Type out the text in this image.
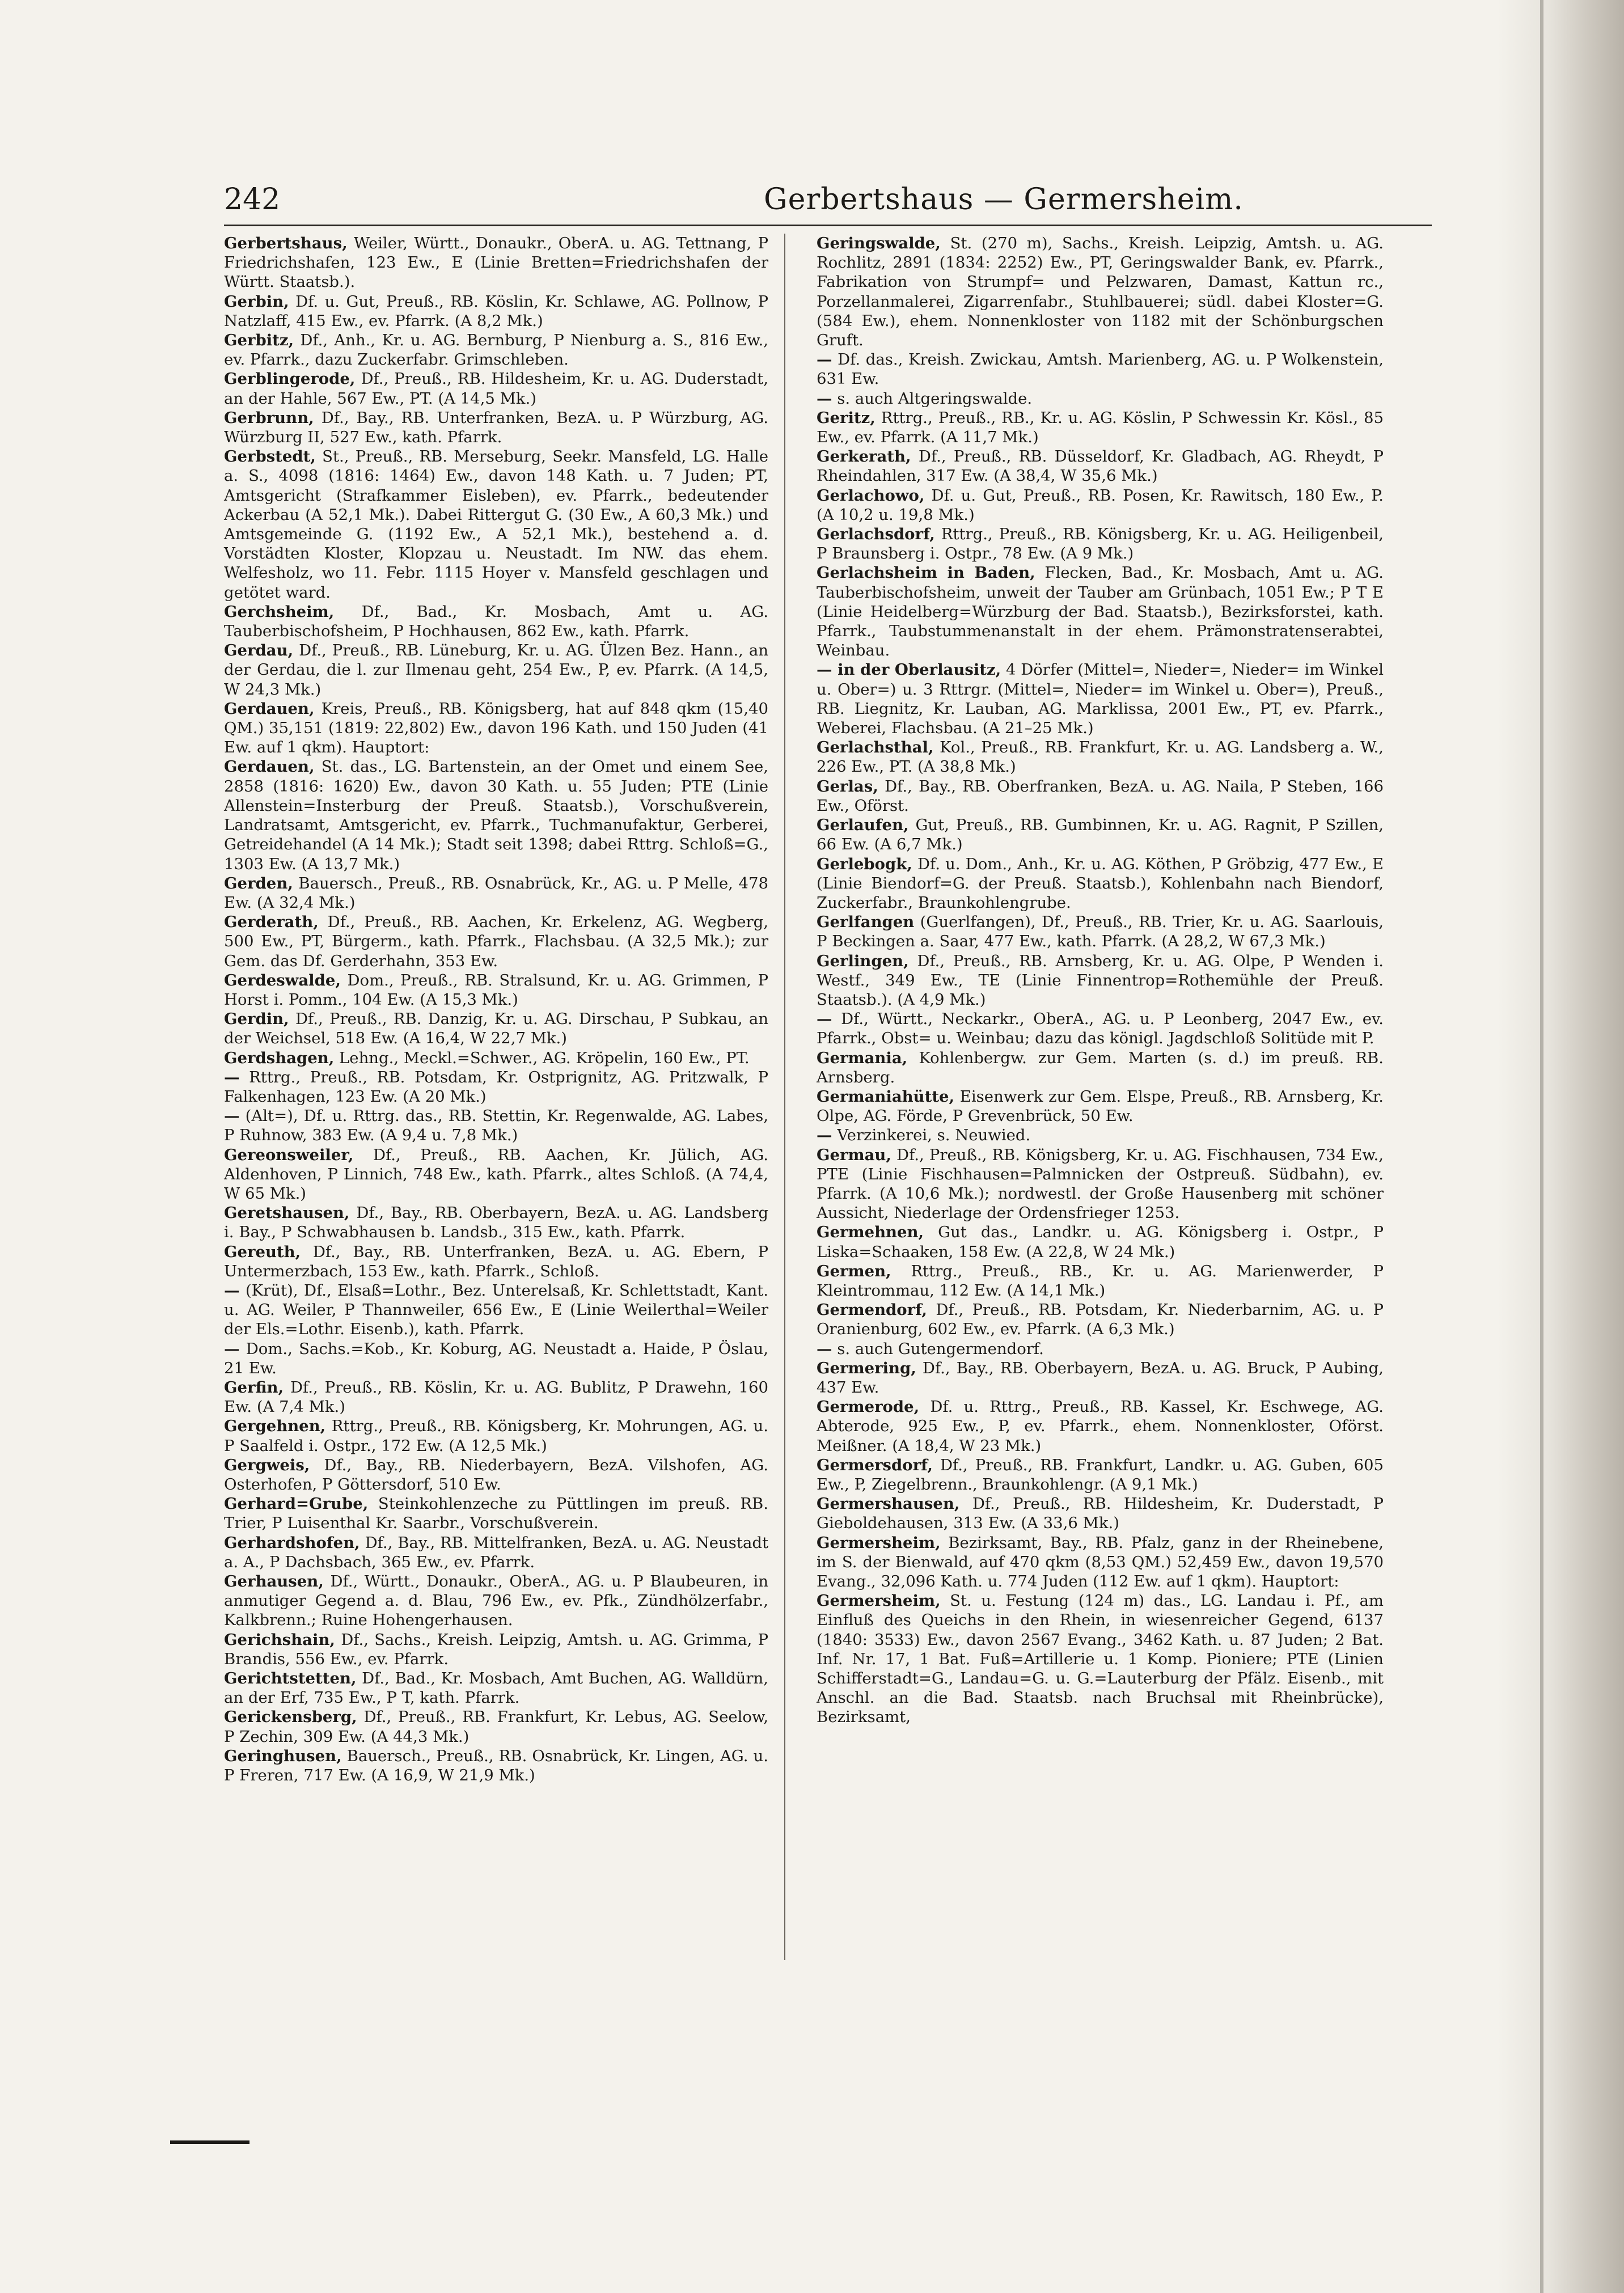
242	Gerbertshaus — Germersheim.

Gerbertshaus, Weiler, Württ., Donaukr., OberA. u. AG. Tettnang, P Friedrichshafen, 123 Ew., E (Linie Bretten=Friedrichshafen der Württ. Staatsb.).

Gerbin, Df. u. Gut, Preuß., RB. Köslin, Kr. Schlawe, AG. Pollnow, P Natzlaff, 415 Ew., ev. Pfarrk. (A 8,2 Mk.)

Gerbitz, Df., Anh., Kr. u. AG. Bernburg, P Nienburg a. S., 816 Ew., ev. Pfarrk., dazu Zuckerfabr. Grimschleben.

Gerblingerode, Df., Preuß., RB. Hildesheim, Kr. u. AG. Duderstadt, an der Hahle, 567 Ew., PT. (A 14,5 Mk.)

Gerbrunn, Df., Bay., RB. Unterfranken, BezA. u. P Würzburg, AG. Würzburg II, 527 Ew., kath. Pfarrk.

Gerbstedt, St., Preuß., RB. Merseburg, Seekr. Mansfeld, LG. Halle a. S., 4098 (1816: 1464) Ew., davon 148 Kath. u. 7 Juden; PT, Amtsgericht (Strafkammer Eisleben), ev. Pfarrk., bedeutender Ackerbau (A 52,1 Mk.). Dabei Rittergut G. (30 Ew., A 60,3 Mk.) und Amtsgemeinde G. (1192 Ew., A 52,1 Mk.), bestehend a. d. Vorstädten Kloster, Klopzau u. Neustadt. Im NW. das ehem. Welfesholz, wo 11. Febr. 1115 Hoyer v. Mansfeld geschlagen und getötet ward.

Gerchsheim, Df., Bad., Kr. Mosbach, Amt u. AG. Tauberbischofsheim, P Hochhausen, 862 Ew., kath. Pfarrk.

Gerdau, Df., Preuß., RB. Lüneburg, Kr. u. AG. Ülzen Bez. Hann., an der Gerdau, die l. zur Ilmenau geht, 254 Ew., P, ev. Pfarrk. (A 14,5, W 24,3 Mk.)

Gerdauen, Kreis, Preuß., RB. Königsberg, hat auf 848 qkm (15,40 QM.) 35,151 (1819: 22,802) Ew., davon 196 Kath. und 150 Juden (41 Ew. auf 1 qkm). Hauptort:

Gerdauen, St. das., LG. Bartenstein, an der Omet und einem See, 2858 (1816: 1620) Ew., davon 30 Kath. u. 55 Juden; PTE (Linie Allenstein=Insterburg der Preuß. Staatsb.), Vorschußverein, Landratsamt, Amtsgericht, ev. Pfarrk., Tuchmanufaktur, Gerberei, Getreidehandel (A 14 Mk.); Stadt seit 1398; dabei Rttrg. Schloß=G., 1303 Ew. (A 13,7 Mk.)

Gerden, Bauersch., Preuß., RB. Osnabrück, Kr., AG. u. P Melle, 478 Ew. (A 32,4 Mk.)

Gerderath, Df., Preuß., RB. Aachen, Kr. Erkelenz, AG. Wegberg, 500 Ew., PT, Bürgerm., kath. Pfarrk., Flachsbau. (A 32,5 Mk.); zur Gem. das Df. Gerderhahn, 353 Ew.

Gerdeswalde, Dom., Preuß., RB. Stralsund, Kr. u. AG. Grimmen, P Horst i. Pomm., 104 Ew. (A 15,3 Mk.)

Gerdin, Df., Preuß., RB. Danzig, Kr. u. AG. Dirschau, P Subkau, an der Weichsel, 518 Ew. (A 16,4, W 22,7 Mk.)

Gerdshagen, Lehng., Meckl.=Schwer., AG. Kröpelin, 160 Ew., PT.

— Rttrg., Preuß., RB. Potsdam, Kr. Ostprignitz, AG. Pritzwalk, P Falkenhagen, 123 Ew. (A 20 Mk.)

— (Alt=), Df. u. Rttrg. das., RB. Stettin, Kr. Regenwalde, AG. Labes, P Ruhnow, 383 Ew. (A 9,4 u. 7,8 Mk.)

Gereonsweiler, Df., Preuß., RB. Aachen, Kr. Jülich, AG. Aldenhoven, P Linnich, 748 Ew., kath. Pfarrk., altes Schloß. (A 74,4, W 65 Mk.)

Geretshausen, Df., Bay., RB. Oberbayern, BezA. u. AG. Landsberg i. Bay., P Schwabhausen b. Landsb., 315 Ew., kath. Pfarrk.

Gereuth, Df., Bay., RB. Unterfranken, BezA. u. AG. Ebern, P Untermerzbach, 153 Ew., kath. Pfarrk., Schloß.

— (Krüt), Df., Elsaß=Lothr., Bez. Unterelsaß, Kr. Schlettstadt, Kant. u. AG. Weiler, P Thannweiler, 656 Ew., E (Linie Weilerthal=Weiler der Els.=Lothr. Eisenb.), kath. Pfarrk.

— Dom., Sachs.=Kob., Kr. Koburg, AG. Neustadt a. Haide, P Öslau, 21 Ew.

Gerfin, Df., Preuß., RB. Köslin, Kr. u. AG. Bublitz, P Drawehn, 160 Ew. (A 7,4 Mk.)

Gergehnen, Rttrg., Preuß., RB. Königsberg, Kr. Mohrungen, AG. u. P Saalfeld i. Ostpr., 172 Ew. (A 12,5 Mk.)

Gergweis, Df., Bay., RB. Niederbayern, BezA. Vilshofen, AG. Osterhofen, P Göttersdorf, 510 Ew.

Gerhard=Grube, Steinkohlenzeche zu Püttlingen im preuß. RB. Trier, P Luisenthal Kr. Saarbr., Vorschußverein.

Gerhardshofen, Df., Bay., RB. Mittelfranken, BezA. u. AG. Neustadt a. A., P Dachsbach, 365 Ew., ev. Pfarrk.

Gerhausen, Df., Württ., Donaukr., OberA., AG. u. P Blaubeuren, in anmutiger Gegend a. d. Blau, 796 Ew., ev. Pfk., Zündhölzerfabr., Kalkbrenn.; Ruine Hohengerhausen.

Gerichshain, Df., Sachs., Kreish. Leipzig, Amtsh. u. AG. Grimma, P Brandis, 556 Ew., ev. Pfarrk.

Gerichtstetten, Df., Bad., Kr. Mosbach, Amt Buchen, AG. Walldürn, an der Erf, 735 Ew., P T, kath. Pfarrk.

Gerickensberg, Df., Preuß., RB. Frankfurt, Kr. Lebus, AG. Seelow, P Zechin, 309 Ew. (A 44,3 Mk.)

Geringhusen, Bauersch., Preuß., RB. Osnabrück, Kr. Lingen, AG. u. P Freren, 717 Ew. (A 16,9, W 21,9 Mk.)

Geringswalde, St. (270 m), Sachs., Kreish. Leipzig, Amtsh. u. AG. Rochlitz, 2891 (1834: 2252) Ew., PT, Geringswalder Bank, ev. Pfarrk., Fabrikation von Strumpf= und Pelzwaren, Damast, Kattun rc., Porzellanmalerei, Zigarrenfabr., Stuhlbauerei; südl. dabei Kloster=G. (584 Ew.), ehem. Nonnenkloster von 1182 mit der Schönburgschen Gruft.

— Df. das., Kreish. Zwickau, Amtsh. Marienberg, AG. u. P Wolkenstein, 631 Ew.

— s. auch Altgeringswalde.

Geritz, Rttrg., Preuß., RB., Kr. u. AG. Köslin, P Schwessin Kr. Kösl., 85 Ew., ev. Pfarrk. (A 11,7 Mk.)

Gerkerath, Df., Preuß., RB. Düsseldorf, Kr. Gladbach, AG. Rheydt, P Rheindahlen, 317 Ew. (A 38,4, W 35,6 Mk.)

Gerlachowo, Df. u. Gut, Preuß., RB. Posen, Kr. Rawitsch, 180 Ew., P. (A 10,2 u. 19,8 Mk.)

Gerlachsdorf, Rttrg., Preuß., RB. Königsberg, Kr. u. AG. Heiligenbeil, P Braunsberg i. Ostpr., 78 Ew. (A 9 Mk.)

Gerlachsheim in Baden, Flecken, Bad., Kr. Mosbach, Amt u. AG. Tauberbischofsheim, unweit der Tauber am Grünbach, 1051 Ew.; P T E (Linie Heidelberg=Würzburg der Bad. Staatsb.), Bezirksforstei, kath. Pfarrk., Taubstummenanstalt in der ehem. Prämonstratenserabtei, Weinbau.

— in der Oberlausitz, 4 Dörfer (Mittel=, Nieder=, Nieder= im Winkel u. Ober=) u. 3 Rttrgr. (Mittel=, Nieder= im Winkel u. Ober=), Preuß., RB. Liegnitz, Kr. Lauban, AG. Marklissa, 2001 Ew., PT, ev. Pfarrk., Weberei, Flachsbau. (A 21–25 Mk.)

Gerlachsthal, Kol., Preuß., RB. Frankfurt, Kr. u. AG. Landsberg a. W., 226 Ew., PT. (A 38,8 Mk.)

Gerlas, Df., Bay., RB. Oberfranken, BezA. u. AG. Naila, P Steben, 166 Ew., Oförst.

Gerlaufen, Gut, Preuß., RB. Gumbinnen, Kr. u. AG. Ragnit, P Szillen, 66 Ew. (A 6,7 Mk.)

Gerlebogk, Df. u. Dom., Anh., Kr. u. AG. Köthen, P Gröbzig, 477 Ew., E (Linie Biendorf=G. der Preuß. Staatsb.), Kohlenbahn nach Biendorf, Zuckerfabr., Braunkohlengrube.

Gerlfangen (Guerlfangen), Df., Preuß., RB. Trier, Kr. u. AG. Saarlouis, P Beckingen a. Saar, 477 Ew., kath. Pfarrk. (A 28,2, W 67,3 Mk.)

Gerlingen, Df., Preuß., RB. Arnsberg, Kr. u. AG. Olpe, P Wenden i. Westf., 349 Ew., TE (Linie Finnentrop=Rothemühle der Preuß. Staatsb.). (A 4,9 Mk.)

— Df., Württ., Neckarkr., OberA., AG. u. P Leonberg, 2047 Ew., ev. Pfarrk., Obst= u. Weinbau; dazu das königl. Jagdschloß Solitüde mit P.

Germania, Kohlenbergw. zur Gem. Marten (s. d.) im preuß. RB. Arnsberg.

Germaniahütte, Eisenwerk zur Gem. Elspe, Preuß., RB. Arnsberg, Kr. Olpe, AG. Förde, P Grevenbrück, 50 Ew.

— Verzinkerei, s. Neuwied.

Germau, Df., Preuß., RB. Königsberg, Kr. u. AG. Fischhausen, 734 Ew., PTE (Linie Fischhausen=Palmnicken der Ostpreuß. Südbahn), ev. Pfarrk. (A 10,6 Mk.); nordwestl. der Große Hausenberg mit schöner Aussicht, Niederlage der Ordensfrieger 1253.

Germehnen, Gut das., Landkr. u. AG. Königsberg i. Ostpr., P Liska=Schaaken, 158 Ew. (A 22,8, W 24 Mk.)

Germen, Rttrg., Preuß., RB., Kr. u. AG. Marienwerder, P Kleintrommau, 112 Ew. (A 14,1 Mk.)

Germendorf, Df., Preuß., RB. Potsdam, Kr. Niederbarnim, AG. u. P Oranienburg, 602 Ew., ev. Pfarrk. (A 6,3 Mk.)

— s. auch Gutengermendorf.

Germering, Df., Bay., RB. Oberbayern, BezA. u. AG. Bruck, P Aubing, 437 Ew.

Germerode, Df. u. Rttrg., Preuß., RB. Kassel, Kr. Eschwege, AG. Abterode, 925 Ew., P, ev. Pfarrk., ehem. Nonnenkloster, Oförst. Meißner. (A 18,4, W 23 Mk.)

Germersdorf, Df., Preuß., RB. Frankfurt, Landkr. u. AG. Guben, 605 Ew., P, Ziegelbrenn., Braunkohlengr. (A 9,1 Mk.)

Germershausen, Df., Preuß., RB. Hildesheim, Kr. Duderstadt, P Gieboldehausen, 313 Ew. (A 33,6 Mk.)

Germersheim, Bezirksamt, Bay., RB. Pfalz, ganz in der Rheinebene, im S. der Bienwald, auf 470 qkm (8,53 QM.) 52,459 Ew., davon 19,570 Evang., 32,096 Kath. u. 774 Juden (112 Ew. auf 1 qkm). Hauptort:

Germersheim, St. u. Festung (124 m) das., LG. Landau i. Pf., am Einfluß des Queichs in den Rhein, in wiesenreicher Gegend, 6137 (1840: 3533) Ew., davon 2567 Evang., 3462 Kath. u. 87 Juden; 2 Bat. Inf. Nr. 17, 1 Bat. Fuß=Artillerie u. 1 Komp. Pioniere; PTE (Linien Schifferstadt=G., Landau=G. u. G.=Lauterburg der Pfälz. Eisenb., mit Anschl. an die Bad. Staatsb. nach Bruchsal mit Rheinbrücke), Bezirksamt,
